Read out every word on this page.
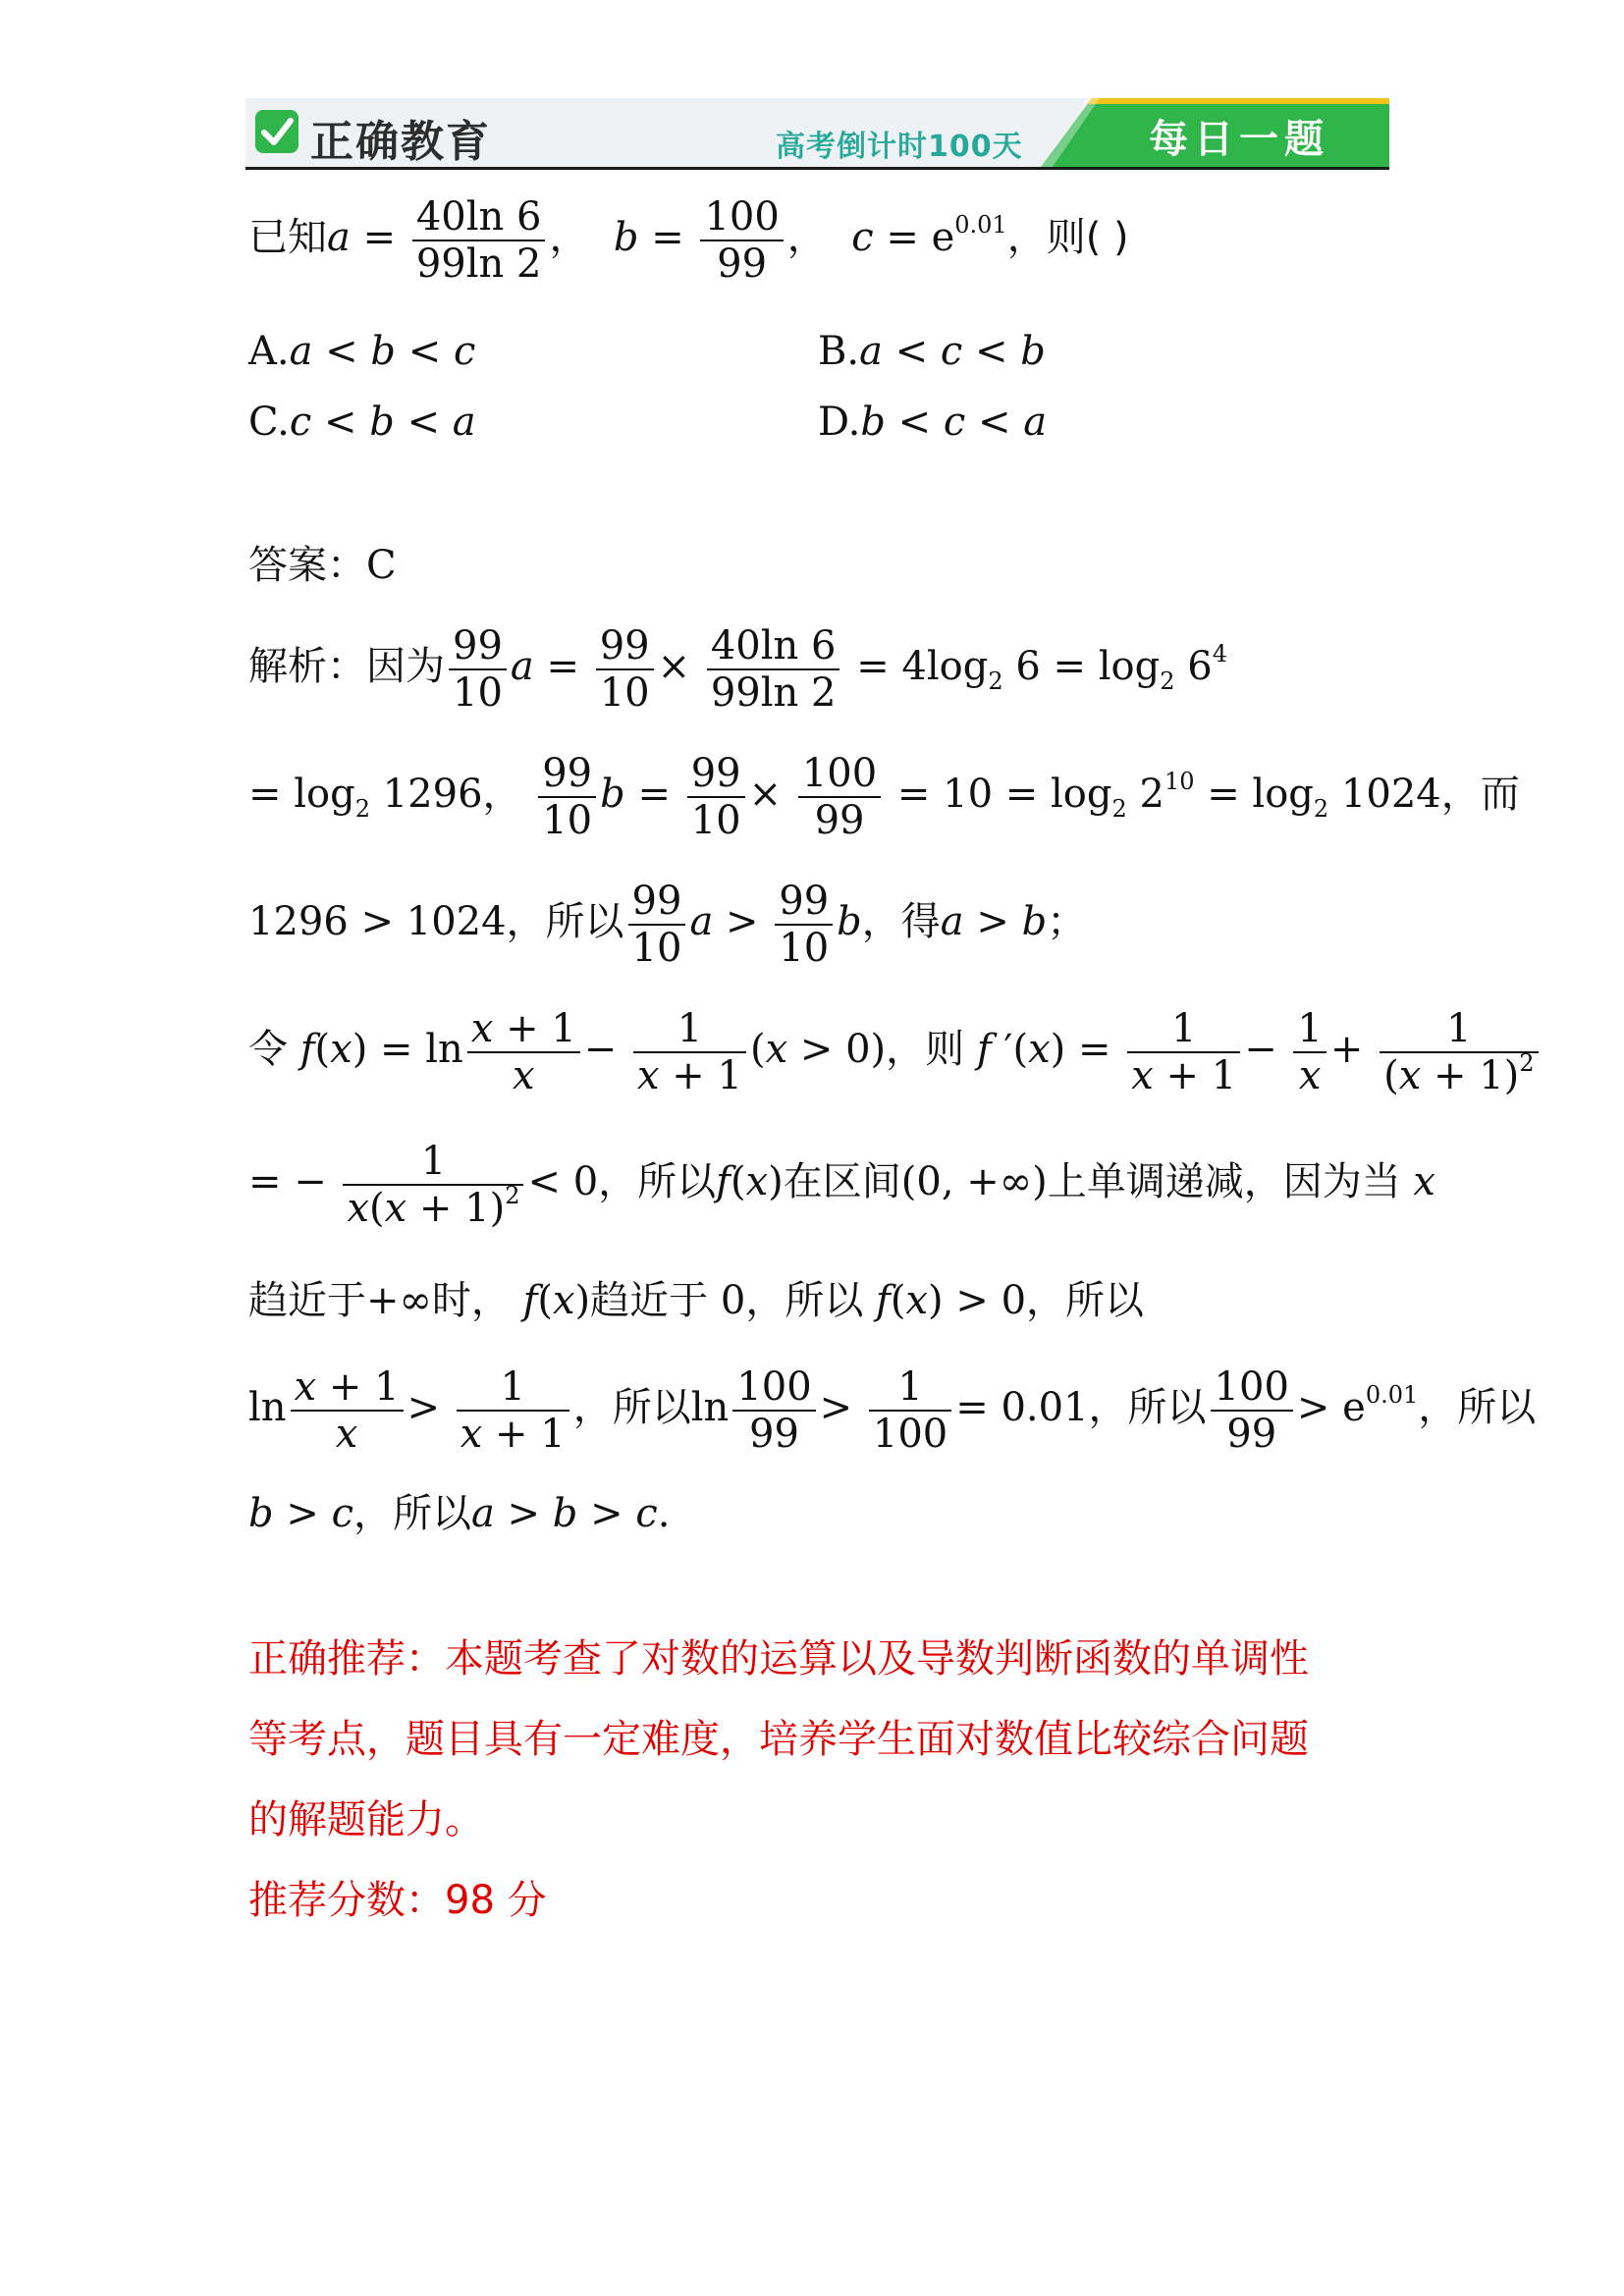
正确教育	高考倒计时100天	每日一题
已知$a = \frac{40\ln 6}{99\ln 2}$ ， $b = \frac{100}{99}$ ， $c = e^{0.01}$，则( )
A.a < b < c	B.a < c < b
C.c < b < a	D.b < c < a
答案：C
解析：因为 $\frac{99}{10}$ $a = \frac{99}{10} \times \frac{40\ln 6}{99\ln 2} = 4\log_2$ $6 = \log_2 6^4$
= $\log_2 1296$， $\frac{99}{10}$ $b = \frac{99}{10} \times \frac{100}{99} = 10 = \log_2 2^{10} = \log_2 1024$，而
1296 > 1024，所以 $\frac{99}{10}$ $a > \frac{99}{10}$ b，得a > b；
令 $f(x) = \ln \frac{x + 1}{x} - \frac{1}{x + 1} (x > 0)$，则 f $'(x) = \frac{1}{x + 1} - \frac{1}{x} + \frac{1}{(x + 1)^2}$
= − $\frac{1}{x(x + 1)^2} < 0$，所以f(x)在区间(0, +∞)上单调递减，因为当 x
趋近于+∞时， f(x)趋近于 0，所以 f(x) > 0，所以
$\ln \frac{x + 1}{x} > \frac{1}{x + 1}$ ，所以$\ln \frac{100}{99} > \frac{1}{100} = 0.01$，所以 $\frac{100}{99} > e^{0.01}$，所以
b > c，所以a > b > c.
正确推荐：本题考查了对数的运算以及导数判断函数的单调性
等考点，题目具有一定难度，培养学生面对数值比较综合问题
的解题能力。
推荐分数：98 分
